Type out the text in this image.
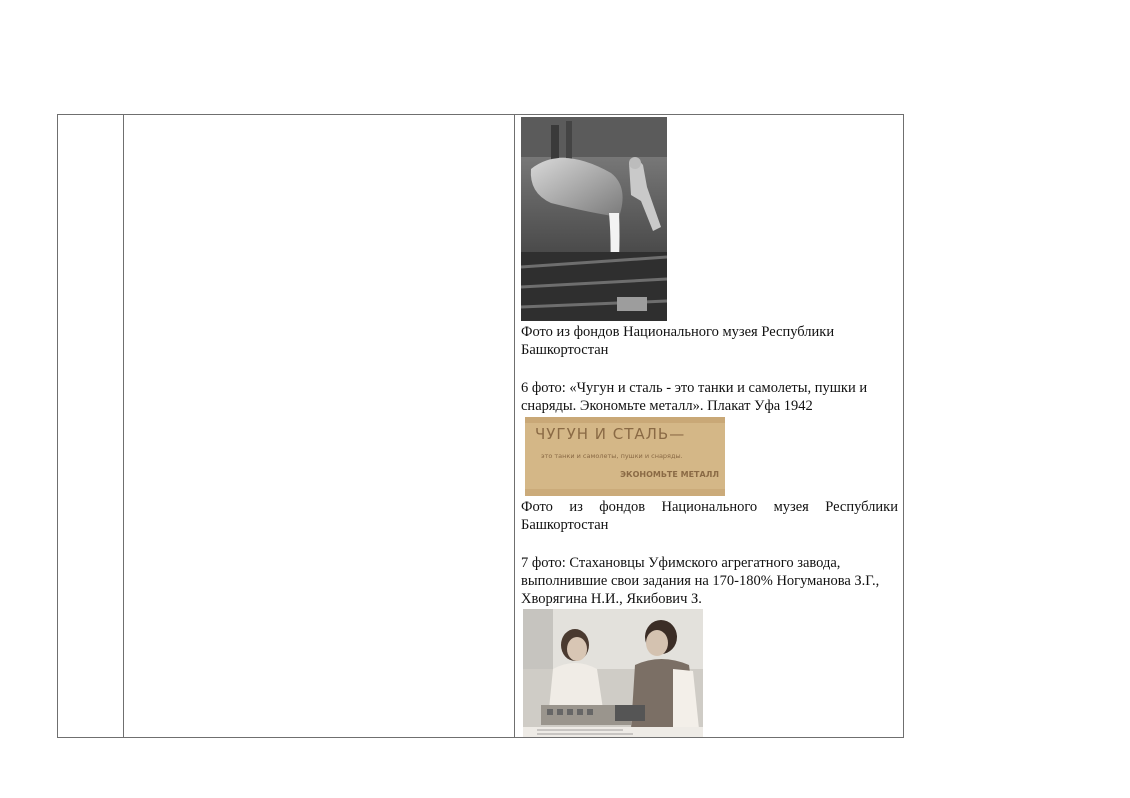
Фото из фондов Национального музея Республики Башкортостан
6 фото: «Чугун и сталь - это танки и самолеты, пушки и снаряды. Экономьте металл». Плакат Уфа 1942
ЧУГУН И СТАЛЬ—
это танки и самолеты, пушки и снаряды.
ЭКОНОМЬТЕ МЕТАЛЛ
Фото из фондов Национального музея Республики Башкортостан
7 фото: Стахановцы Уфимского агрегатного завода, выполнившие свои задания на 170-180% Ногуманова З.Г., Хворягина Н.И., Якибович З.
